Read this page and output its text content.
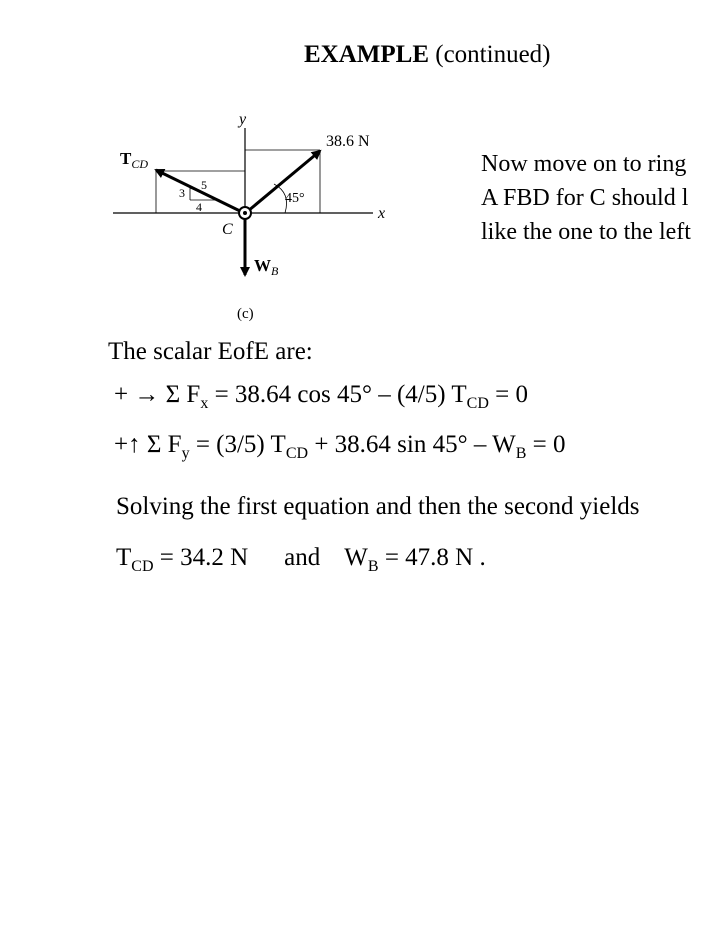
EXAMPLE (continued)
y
x
3
5
4
45°
38.6 N
$T_{CD}$
C
$W_B$
(c)
Now move on to ring
A FBD for C should l
like the one to the left
The scalar EofE are:
+ → Σ $F_x = 38.64$ cos 45° – (4/5) $T_{CD} = 0$
+↑ Σ $F_y = (3/5) T_{CD} + 38.64$ $\sin 45^\circ - W_B = 0$
Solving the first equation and then the second yields
$T_{CD} = 34.2$ N and $W_B = 47.8$ N .
